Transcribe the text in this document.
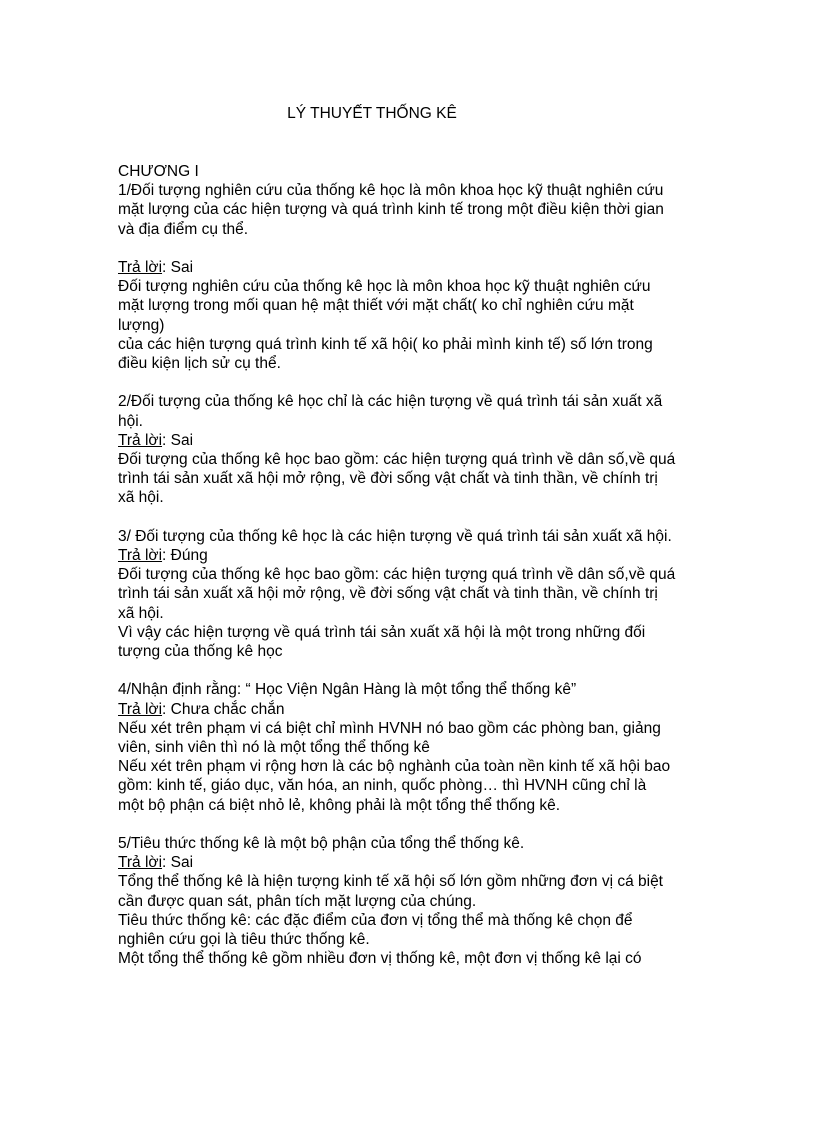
LÝ THUYẾT THỐNG KÊ
CHƯƠNG I
1/Đối tượng nghiên cứu của thống kê học là môn khoa học kỹ thuật nghiên cứu
mặt lượng của các hiện tượng và quá trình kinh tế trong một điều kiện thời gian
và địa điểm cụ thể.
Trả lời: Sai
Đối tượng nghiên cứu của thống kê học là môn khoa học kỹ thuật nghiên cứu
mặt lượng trong mối quan hệ mật thiết với mặt chất( ko chỉ nghiên cứu mặt
lượng)
của các hiện tượng quá trình kinh tế xã hội( ko phải mình kinh tế) số lớn trong
điều kiện lịch sử cụ thể.
2/Đối tượng của thống kê học chỉ là các hiện tượng về quá trình tái sản xuất xã
hội.
Trả lời: Sai
Đối tượng của thống kê học bao gồm: các hiện tượng quá trình về dân số,về quá
trình tái sản xuất xã hội mở rộng, về đời sống vật chất và tinh thần, về chính trị
xã hội.
3/ Đối tượng của thống kê học là các hiện tượng về quá trình tái sản xuất xã hội.
Trả lời: Đúng
Đối tượng của thống kê học bao gồm: các hiện tượng quá trình về dân số,về quá
trình tái sản xuất xã hội mở rộng, về đời sống vật chất và tinh thần, về chính trị
xã hội.
Vì vậy các hiện tượng về quá trình tái sản xuất xã hội là một trong những đối
tượng của thống kê học
4/Nhận định rằng: “ Học Viện Ngân Hàng là một tổng thể thống kê”
Trả lời: Chưa chắc chắn
Nếu xét trên phạm vi cá biệt chỉ mình HVNH nó bao gồm các phòng ban, giảng
viên, sinh viên thì nó là một tổng thể thống kê
Nếu xét trên phạm vi rộng hơn là các bộ nghành của toàn nền kinh tế xã hội bao
gồm: kinh tế, giáo dục, văn hóa, an ninh, quốc phòng… thì HVNH cũng chỉ là
một bộ phận cá biệt nhỏ lẻ, không phải là một tổng thể thống kê.
5/Tiêu thức thống kê là một bộ phận của tổng thể thống kê.
Trả lời: Sai
Tổng thể thống kê là hiện tượng kinh tế xã hội số lớn gồm những đơn vị cá biệt
cần được quan sát, phân tích mặt lượng của chúng.
Tiêu thức thống kê: các đặc điểm của đơn vị tổng thể mà thống kê chọn để
nghiên cứu gọi là tiêu thức thống kê.
Một tổng thể thống kê gồm nhiều đơn vị thống kê, một đơn vị thống kê lại có
